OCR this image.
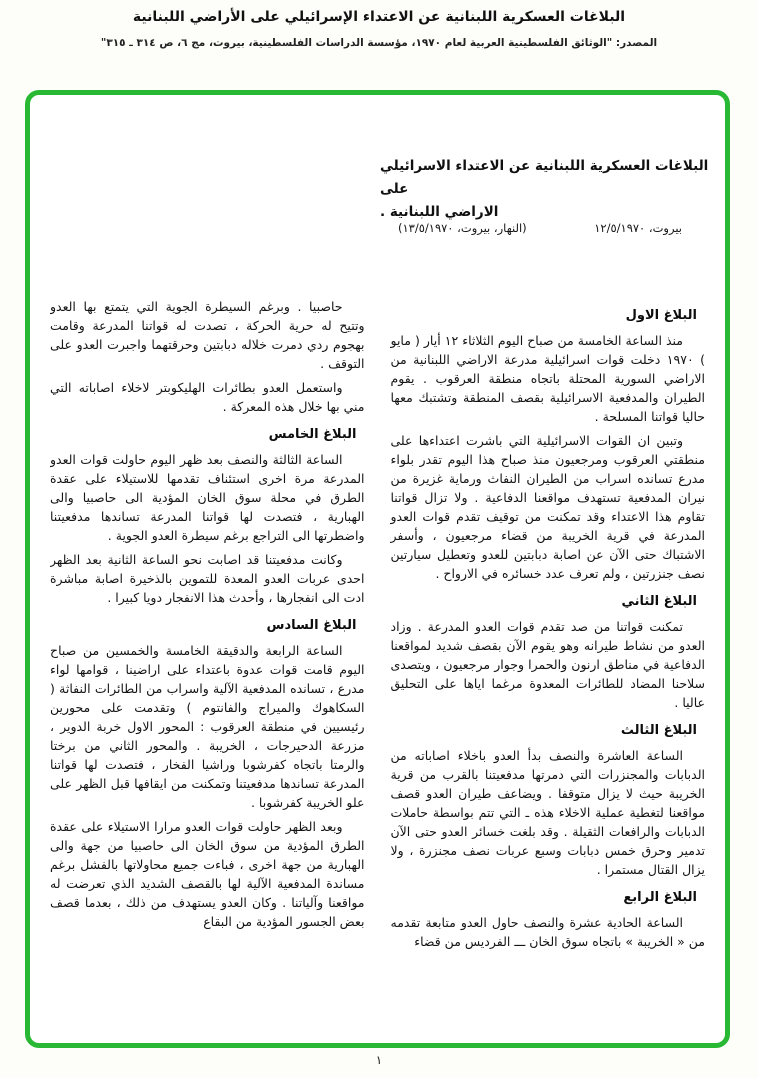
البلاغات العسكرية اللبنانية عن الاعتداء الإسرائيلي على الأراضي اللبنانية
المصدر: "الوثائق الفلسطينية العربية لعام ١٩٧٠، مؤسسة الدراسات الفلسطينية، بيروت، مج ٦، ص ٣١٤ ـ ٣١٥"
البلاغات العسكرية اللبنانية عن الاعتداء الاسرائيلي على
الاراضي اللبنانية .
بيروت، ١٢/٥/١٩٧٠
(النهار، بيروت، ١٣/٥/١٩٧٠)
البلاغ الاول

منذ الساعة الخامسة من صباح اليوم الثلاثاء ١٢ أيار ( مايو ) ١٩٧٠ دخلت قوات اسرائيلية مدرعة الاراضي اللبنانية من الاراضي السورية المحتلة باتجاه منطقة العرقوب . يقوم الطيران والمدفعية الاسرائيلية بقصف المنطقة وتشتبك معها حاليا قواتنا المسلحة .

وتبين ان القوات الاسرائيلية التي باشرت اعتداءها على منطقتي العرقوب ومرجعيون منذ صباح هذا اليوم تقدر بلواء مدرع تسانده اسراب من الطيران النفاث ورماية غزيرة من نيران المدفعية تستهدف مواقعنا الدفاعية . ولا تزال قواتنا تقاوم هذا الاعتداء وقد تمكنت من توقيف تقدم قوات العدو المدرعة في قرية الخريبة من قضاء مرجعيون ، وأسفر الاشتباك حتى الآن عن اصابة دبابتين للعدو وتعطيل سيارتين نصف جنزرتين ، ولم تعرف عدد خسائره في الارواح .

البلاغ الثاني

تمكنت قواتنا من صد تقدم قوات العدو المدرعة . وزاد العدو من نشاط طيرانه وهو يقوم الآن بقصف شديد لمواقعنا الدفاعية في مناطق ارنون والحمرا وجوار مرجعيون ، ويتصدى سلاحنا المضاد للطائرات المعدوة مرغما اياها على التحليق عاليا .

البلاغ الثالث

الساعة العاشرة والنصف بدأ العدو باخلاء اصاباته من الدبابات والمجنزرات التي دمرتها مدفعيتنا بالقرب من قرية الخريبة حيث لا يزال متوقفا . ويضاعف طيران العدو قصف مواقعنا لتغطية عملية الاخلاء هذه ـ التي تتم بواسطة حاملات الدبابات والرافعات الثقيلة . وقد بلغت خسائر العدو حتى الآن تدمير وحرق خمس دبابات وسبع عربات نصف مجنزرة ، ولا يزال القتال مستمرا .

البلاغ الرابع

الساعة الحادية عشرة والنصف حاول العدو متابعة تقدمه من « الخريبة » باتجاه سوق الخان ـــ الفرديس من قضاء

حاصبيا . وبرغم السيطرة الجوية التي يتمتع بها العدو وتتيح له حرية الحركة ، تصدت له قواتنا المدرعة وقامت بهجوم ردي دمرت خلاله دبابتين وحرقتهما واجبرت العدو على التوقف .

واستعمل العدو بطائرات الهليكوبتر لاخلاء اصاباته التي مني بها خلال هذه المعركة .

البلاغ الخامس

الساعة الثالثة والنصف بعد ظهر اليوم حاولت قوات العدو المدرعة مرة اخرى استئناف تقدمها للاستيلاء على عقدة الطرق في محلة سوق الخان المؤدية الى حاصبيا والى الهبارية ، فتصدت لها قواتنا المدرعة تساندها مدفعيتنا واضطرتها الى التراجع برغم سيطرة العدو الجوية .

وكانت مدفعيتنا قد اصابت نحو الساعة الثانية بعد الظهر احدى عربات العدو المعدة للتموين بالذخيرة اصابة مباشرة ادت الى انفجارها ، وأحدث هذا الانفجار دويا كبيرا .

البلاغ السادس

الساعة الرابعة والدقيقة الخامسة والخمسين من صباح اليوم قامت قوات عدوة باعتداء على اراضينا ، قوامها لواء مدرع ، تسانده المدفعية الآلية واسراب من الطائرات النفاثة ( السكاهوك والميراج والفانتوم ) وتقدمت على محورين رئيسيين في منطقة العرقوب : المحور الاول خربة الدوير ، مزرعة الدحيرجات ، الخريبة . والمحور الثاني من برختا والرمتا باتجاه كفرشوبا وراشيا الفخار ، فتصدت لها قواتنا المدرعة تساندها مدفعيتنا وتمكنت من ايقافها قبل الظهر على علو الخريبة كفرشوبا .

وبعد الظهر حاولت قوات العدو مرارا الاستيلاء على عقدة الطرق المؤدية من سوق الخان الى حاصبيا من جهة والى الهبارية من جهة اخرى ، فباءت جميع محاولاتها بالفشل برغم مساندة المدفعية الآلية لها بالقصف الشديد الذي تعرضت له مواقعنا وآلياتنا . وكان العدو يستهدف من ذلك ، بعدما قصف بعض الجسور المؤدية من البقاع

١
